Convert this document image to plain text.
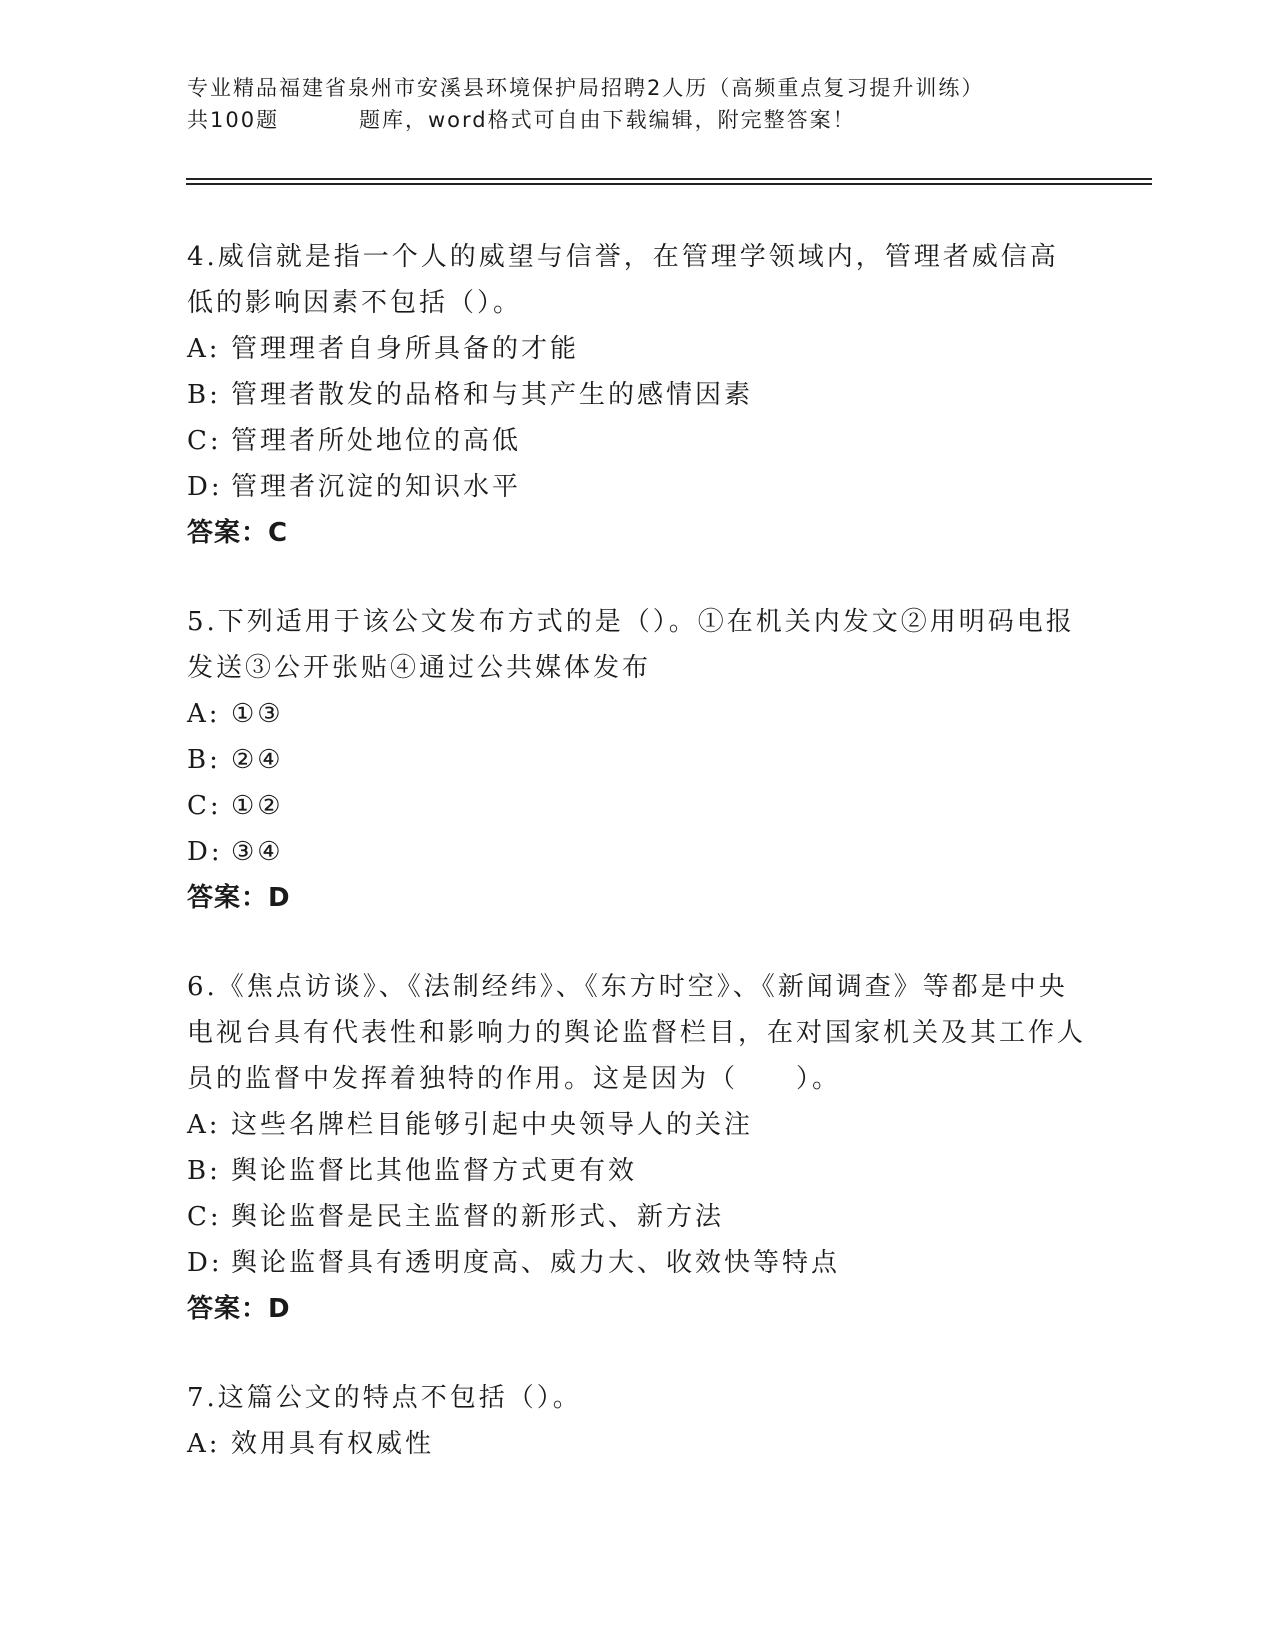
专业精品福建省泉州市安溪县环境保护局招聘2人历（高频重点复习提升训练）
共100题	题库，word格式可自由下载编辑，附完整答案！
4.威信就是指一个人的威望与信誉，在管理学领域内，管理者威信高低的影响因素不包括（）。
A: 管理理者自身所具备的才能
B: 管理者散发的品格和与其产生的感情因素
C: 管理者所处地位的高低
D: 管理者沉淀的知识水平
答案：C
5.下列适用于该公文发布方式的是（）。①在机关内发文②用明码电报发送③公开张贴④通过公共媒体发布
A: ①③
B: ②④
C: ①②
D: ③④
答案：D
6.《焦点访谈》、《法制经纬》、《东方时空》、《新闻调查》等都是中央电视台具有代表性和影响力的舆论监督栏目，在对国家机关及其工作人员的监督中发挥着独特的作用。这是因为（　　）。
A: 这些名牌栏目能够引起中央领导人的关注
B: 舆论监督比其他监督方式更有效
C: 舆论监督是民主监督的新形式、新方法
D: 舆论监督具有透明度高、威力大、收效快等特点
答案：D
7.这篇公文的特点不包括（）。
A: 效用具有权威性
